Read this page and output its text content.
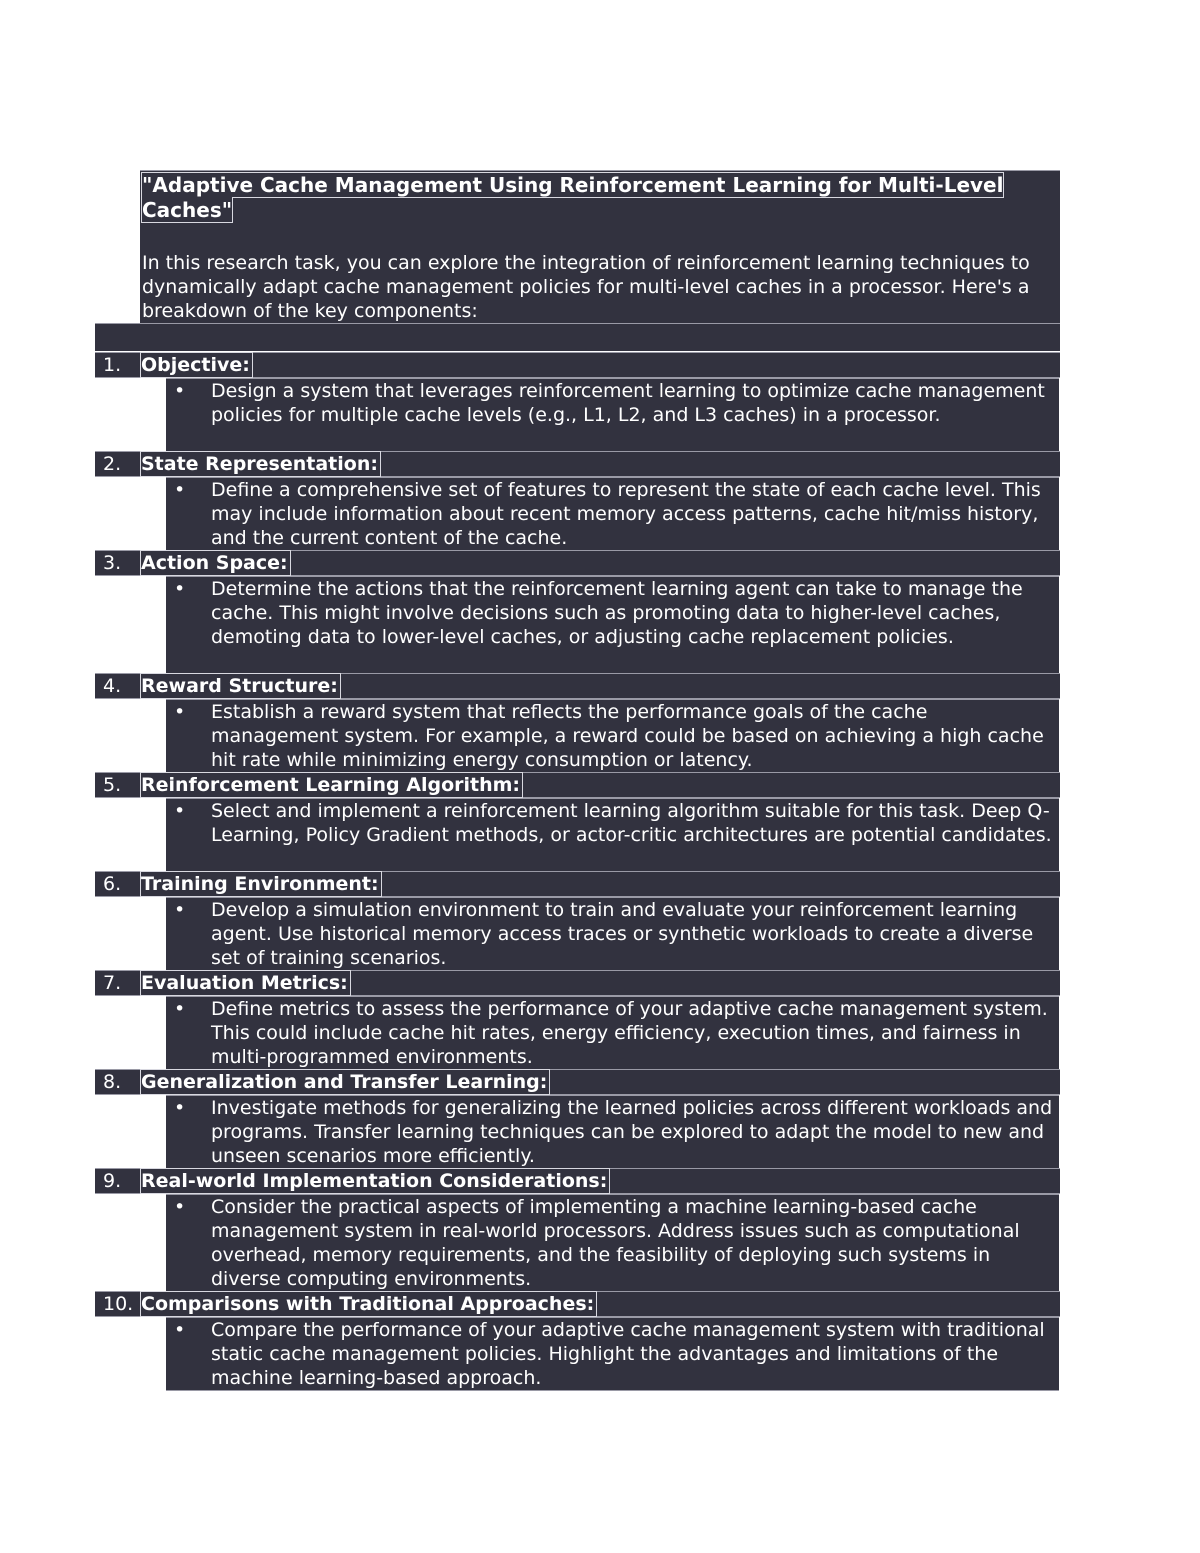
"Adaptive Cache Management Using Reinforcement Learning for Multi-Level Caches"
In this research task, you can explore the integration of reinforcement learning techniques to dynamically adapt cache management policies for multi-level caches in a processor. Here's a breakdown of the key components:
1.	Objective:
• Design a system that leverages reinforcement learning to optimize cache management policies for multiple cache levels (e.g., L1, L2, and L3 caches) in a processor.
2.	State Representation:
• Define a comprehensive set of features to represent the state of each cache level. This may include information about recent memory access patterns, cache hit/miss history, and the current content of the cache.
3.	Action Space:
• Determine the actions that the reinforcement learning agent can take to manage the cache. This might involve decisions such as promoting data to higher-level caches, demoting data to lower-level caches, or adjusting cache replacement policies.
4.	Reward Structure:
• Establish a reward system that reflects the performance goals of the cache management system. For example, a reward could be based on achieving a high cache hit rate while minimizing energy consumption or latency.
5.	Reinforcement Learning Algorithm:
• Select and implement a reinforcement learning algorithm suitable for this task. Deep Q-Learning, Policy Gradient methods, or actor-critic architectures are potential candidates.
6.	Training Environment:
• Develop a simulation environment to train and evaluate your reinforcement learning agent. Use historical memory access traces or synthetic workloads to create a diverse set of training scenarios.
7.	Evaluation Metrics:
• Define metrics to assess the performance of your adaptive cache management system. This could include cache hit rates, energy efficiency, execution times, and fairness in multi-programmed environments.
8.	Generalization and Transfer Learning:
• Investigate methods for generalizing the learned policies across different workloads and programs. Transfer learning techniques can be explored to adapt the model to new and unseen scenarios more efficiently.
9.	Real-world Implementation Considerations:
• Consider the practical aspects of implementing a machine learning-based cache management system in real-world processors. Address issues such as computational overhead, memory requirements, and the feasibility of deploying such systems in diverse computing environments.
10. Comparisons with Traditional Approaches:
• Compare the performance of your adaptive cache management system with traditional static cache management policies. Highlight the advantages and limitations of the machine learning-based approach.
